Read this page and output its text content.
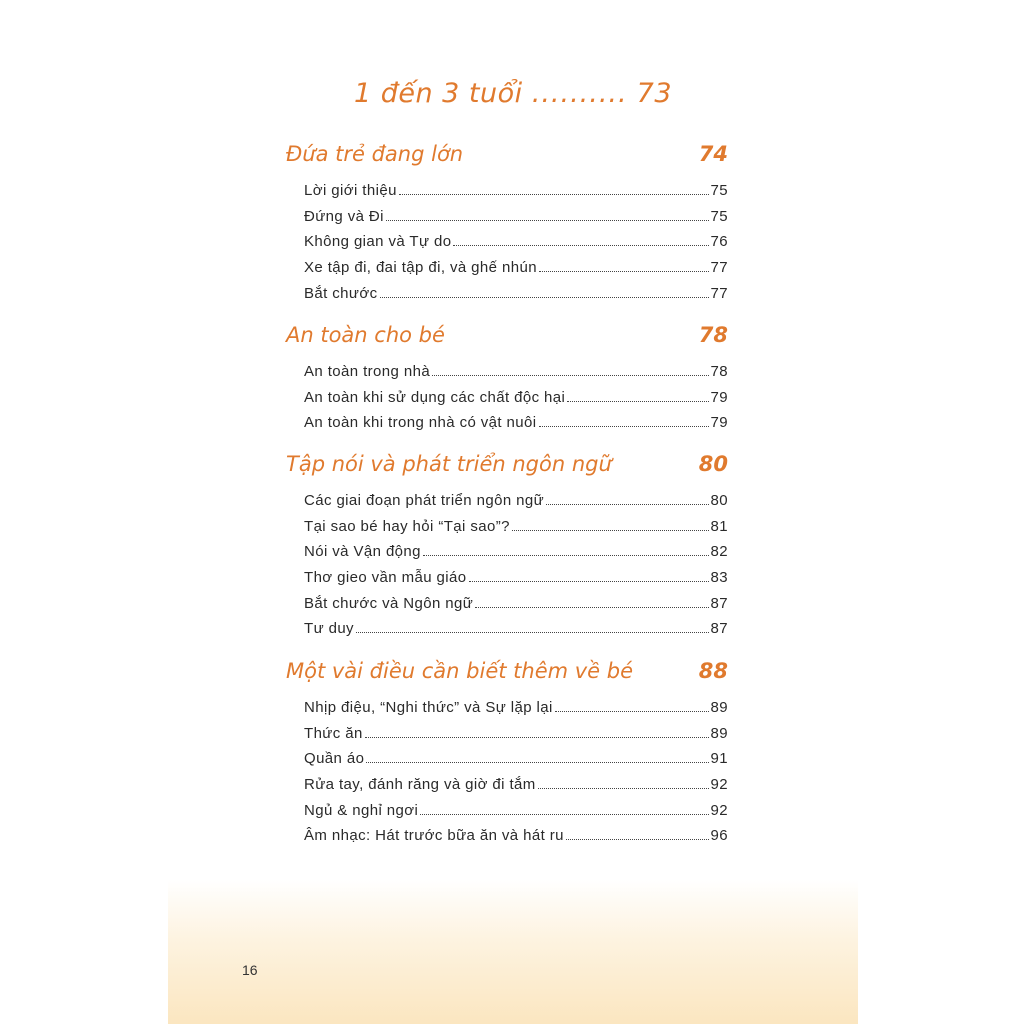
1 đến 3 tuổi .......... 73
Đứa trẻ đang lớn	74
Lời giới thiệu	75
Đứng và Đi	75
Không gian và Tự do	76
Xe tập đi, đai tập đi, và ghế nhún	77
Bắt chước	77
An toàn cho bé	78
An toàn trong nhà	78
An toàn khi sử dụng các chất độc hại	79
An toàn khi trong nhà có vật nuôi	79
Tập nói và phát triển ngôn ngữ	80
Các giai đoạn phát triển ngôn ngữ	80
Tại sao bé hay hỏi “Tại sao”?	81
Nói và Vận động	82
Thơ gieo vần mẫu giáo	83
Bắt chước và Ngôn ngữ	87
Tư duy	87
Một vài điều cần biết thêm về bé	88
Nhịp điệu, “Nghi thức” và Sự lặp lại	89
Thức ăn	89
Quần áo	91
Rửa tay, đánh răng và giờ đi tắm	92
Ngủ & nghỉ ngơi	92
Âm nhạc: Hát trước bữa ăn và hát ru	96
16
